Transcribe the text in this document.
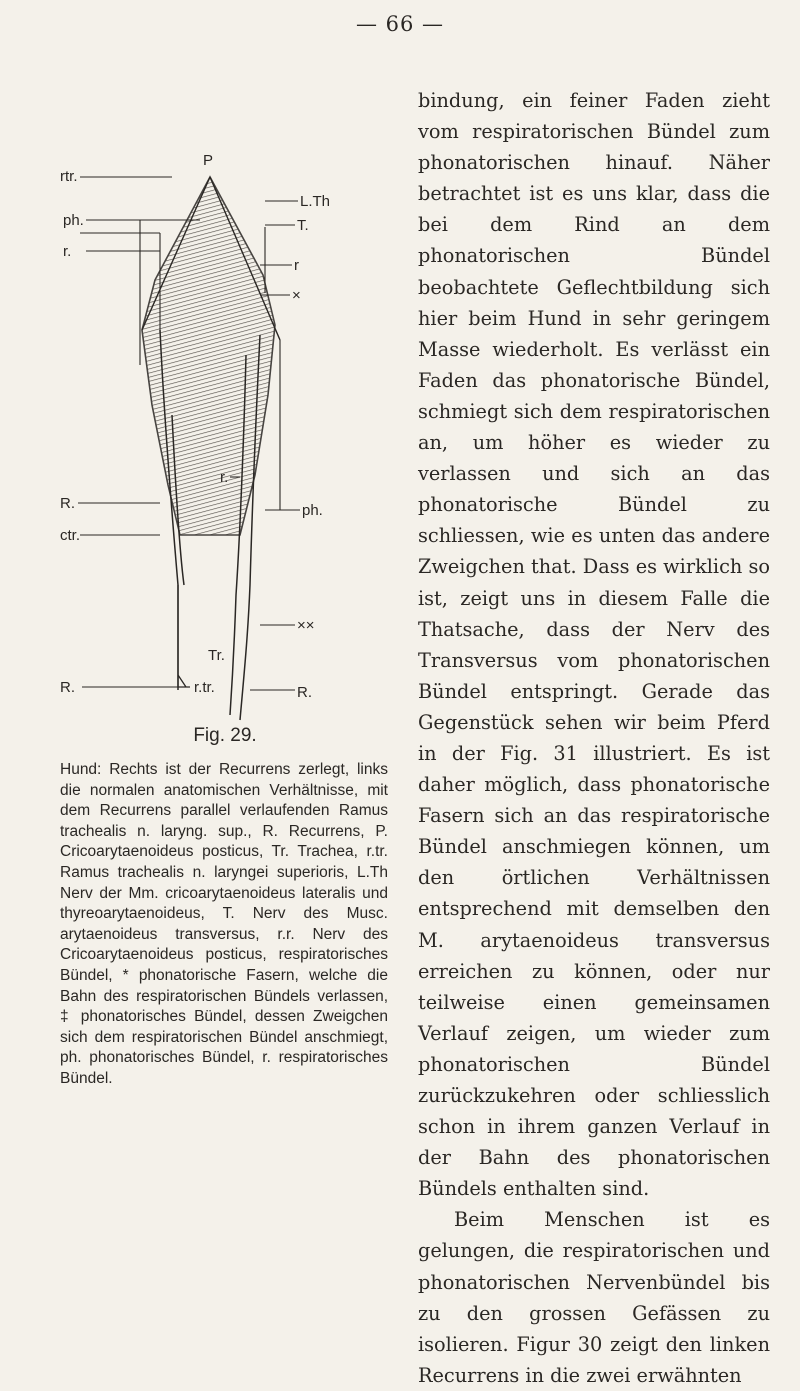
— 66 —
P
rtr.
ph.
r.
R.
ctr.
R.
L.Th
T.
r
×
r.
ph.
××
Tr.
r.tr.	R.
Fig. 29.
Hund: Rechts ist der Recurrens zerlegt, links die normalen anatomischen Verhältnisse, mit dem Recurrens parallel verlaufenden Ramus trachealis n. laryng. sup., R. Recurrens, P. Cricoarytaenoideus posticus, Tr. Trachea, r.tr. Ramus trachealis n. laryngei superioris, L.Th Nerv der Mm. cricoarytaenoideus lateralis und thyreoarytaenoideus, T. Nerv des Musc. arytaenoideus transversus, r.r. Nerv des Cricoarytaenoideus posticus, respiratorisches Bündel, * phonatorische Fasern, welche die Bahn des respiratorischen Bündels verlassen, ‡ phonatorisches Bündel, dessen Zweigchen sich dem respiratorischen Bündel anschmiegt, ph. phonatorisches Bündel, r. respiratorisches Bündel.

bindung, ein feiner Faden zieht vom respiratorischen Bündel zum phonatorischen hinauf. Näher betrachtet ist es uns klar, dass die bei dem Rind an dem phonatorischen Bündel beobachtete Geflechtbildung sich hier beim Hund in sehr geringem Masse wiederholt. Es verlässt ein Faden das phonatorische Bündel, schmiegt sich dem respiratorischen an, um höher es wieder zu verlassen und sich an das phonatorische Bündel zu schliessen, wie es unten das andere Zweigchen that. Dass es wirklich so ist, zeigt uns in diesem Falle die Thatsache, dass der Nerv des Transversus vom phonatorischen Bündel entspringt. Gerade das Gegenstück sehen wir beim Pferd in der Fig. 31 illustriert. Es ist daher möglich, dass phonatorische Fasern sich an das respiratorische Bündel anschmiegen können, um den örtlichen Verhältnissen entsprechend mit demselben den M. arytaenoideus transversus erreichen zu können, oder nur teilweise einen gemeinsamen Verlauf zeigen, um wieder zum phonatorischen Bündel zurückzukehren oder schliesslich schon in ihrem ganzen Verlauf in der Bahn des phonatorischen Bündels enthalten sind.

Beim Menschen ist es gelungen, die respiratorischen und phonatorischen Nervenbündel bis zu den grossen Gefässen zu isolieren. Figur 30 zeigt den linken Recurrens in die zwei erwähnten
